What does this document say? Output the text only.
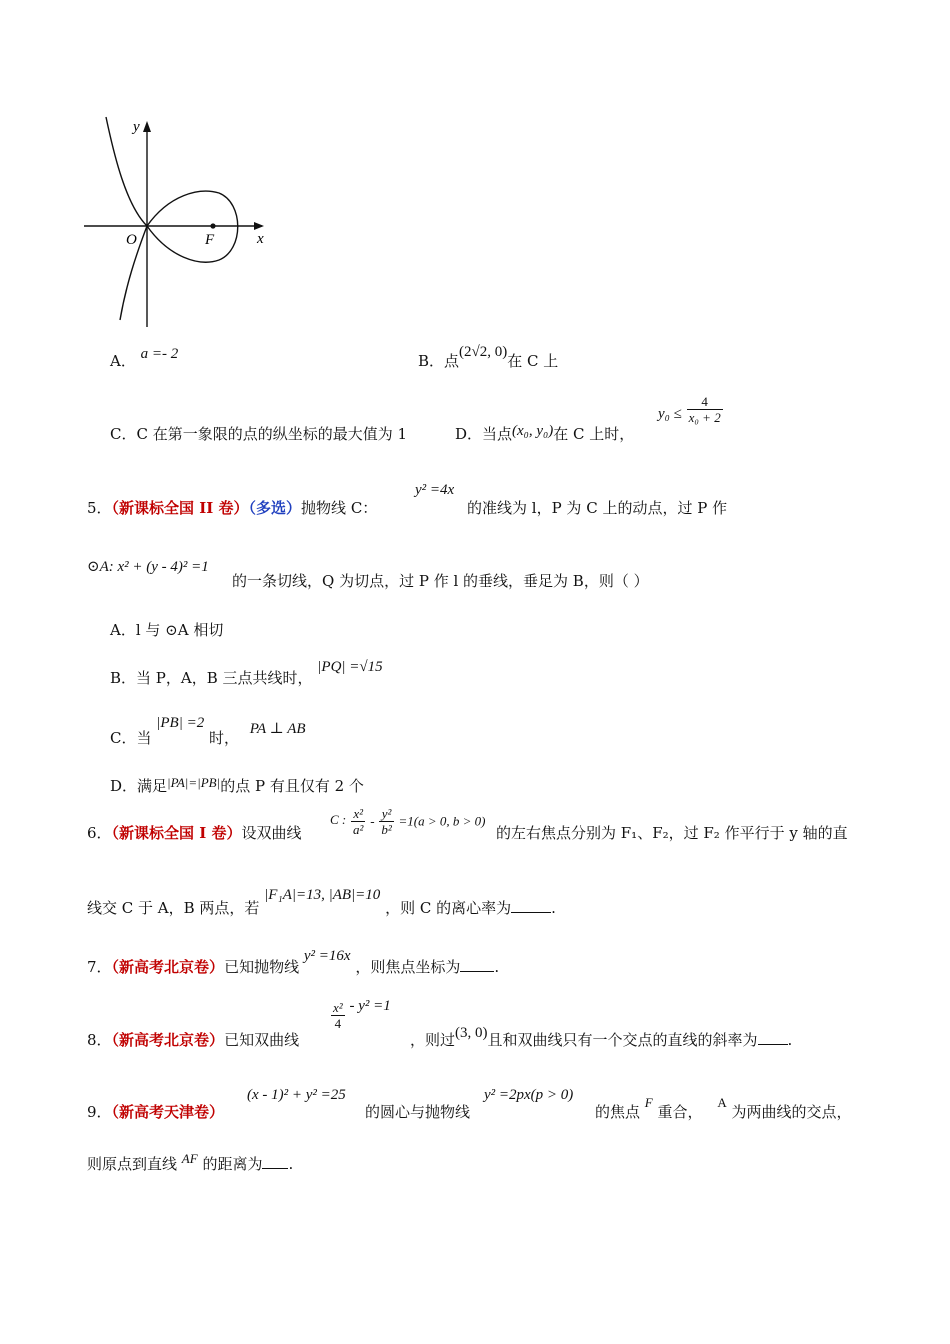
y
x
O	F
A． a =- 2	B．点(2√2, 0)在 C 上
C．C 在第一象限的点的纵坐标的最大值为 1	D．当点(x₀, y₀)在 C 上时，
$y_0 \le \frac{4}{\text{x₀ + 2}}$
5．（新课标全国 II 卷）（多选）抛物线 C：
y² =4x
的准线为 l，P 为 C 上的动点，过 P 作
⊙A: x² + (y - 4)² =1
的一条切线，Q 为切点，过 P 作 l 的垂线，垂足为 B，则（ ）
A．l 与 ⊙A 相切
B．当 P，A，B 三点共线时， |PQ| =√15
C．当 |PB| =2 时， PA ⊥ AB
D．满足|PA|=|PB|的点 P 有且仅有 2 个
6．（新课标全国 I 卷）设双曲线
C : $\frac{\text{x²}}{\text{a²}} - \frac{\text{y²}}{\text{b²}} =1(a > 0$, b > 0)
的左右焦点分别为 F₁、F₂，过 F₂ 作平行于 y 轴的直
线交 C 于 A，B 两点，若 |F₁A|=13, |AB|=10 ，则 C 的离心率为	.
7．（新高考北京卷）已知抛物线 y² =16x ，则焦点坐标为 .
8．（新高考北京卷）已知双曲线
$\frac{\text{x²}}{4} - y^2 =1$
，则过(3, 0)且和双曲线只有一个交点的直线的斜率为 .
9．（新高考天津卷）
(x - 1)² + y² =25
的圆心与抛物线
y² =2px(p > 0)
的焦点 F 重合， A 为两曲线的交点，
则原点到直线 AF 的距离为 .
